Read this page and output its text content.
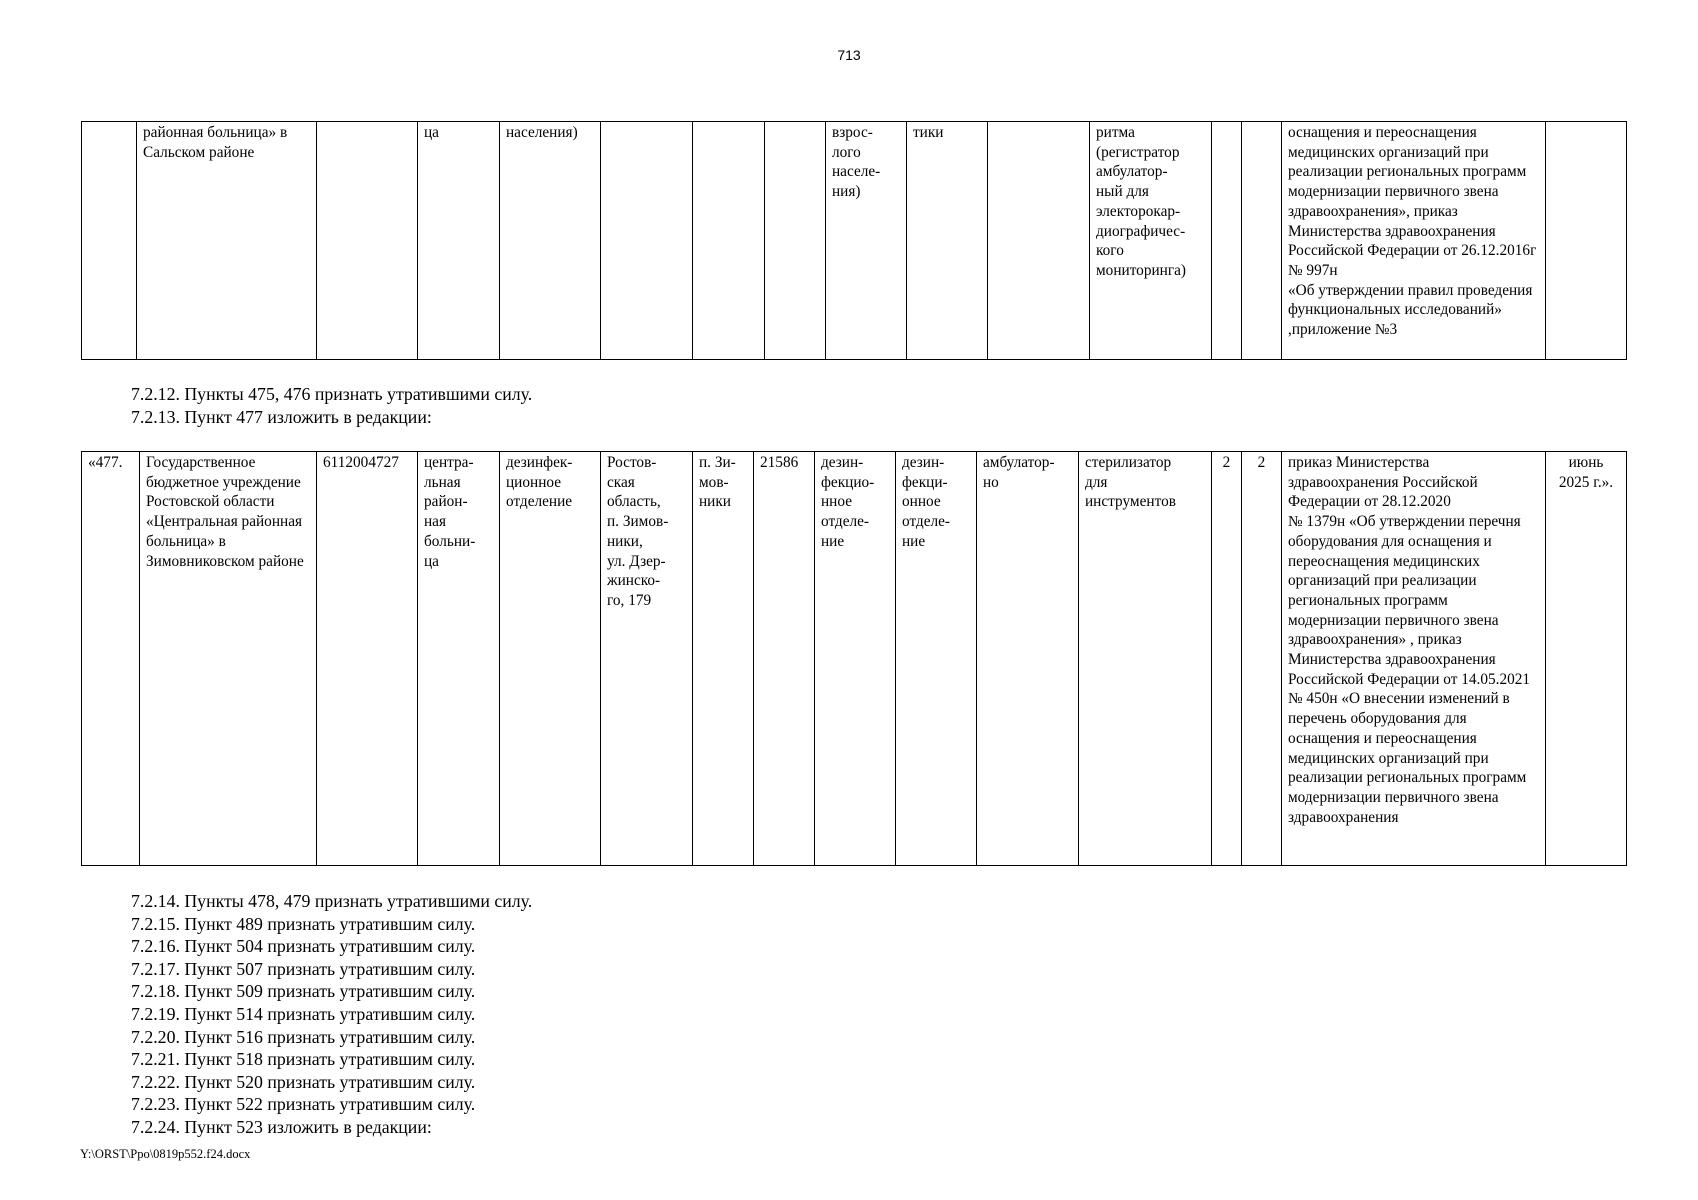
713
	районная больница» в Сальском районе		ца	населения)				взрос-
лого
населе-
ния)	тики		ритма
(регистратор
амбулатор-
ный для
электорокар-
диографичес-
кого
мониторинга)			оснащения и переоснащения медицинских организаций при реализации региональных программ модернизации первичного звена здравоохранения», приказ Министерства здравоохранения Российской Федерации от 26.12.2016г № 997н
«Об утверждении правил проведения функциональных исследований» ,приложение №3	
7.2.12. Пункты 475, 476 признать утратившими силу.
7.2.13. Пункт 477 изложить в редакции:
«477.	Государственное бюджетное учреждение Ростовской области «Центральная районная больница» в Зимовниковском районе	6112004727	центра-
льная
район-
ная
больни-
ца	дезинфек-
ционное
отделение	Ростов-
ская
область,
п. Зимов-
ники,
ул. Дзер-
жинско-
го, 179	п. Зи-
мов-
ники	21586	дезин-
фекцио-
нное
отделе-
ние	дезин-
фекци-
онное
отделе-
ние	амбулатор-
но	стерилизатор
для
инструментов	2	2	приказ Министерства здравоохранения Российской Федерации от 28.12.2020
№ 1379н «Об утверждении перечня оборудования для оснащения и переоснащения медицинских организаций при реализации региональных программ модернизации первичного звена здравоохранения» , приказ Министерства здравоохранения Российской Федерации от 14.05.2021 № 450н «О внесении изменений в перечень оборудования для оснащения и переоснащения медицинских организаций при реализации региональных программ модернизации первичного звена здравоохранения	июнь
2025 г.».
7.2.14. Пункты 478, 479 признать утратившими силу.
7.2.15. Пункт 489 признать утратившим силу.
7.2.16. Пункт 504 признать утратившим силу.
7.2.17. Пункт 507 признать утратившим силу.
7.2.18. Пункт 509 признать утратившим силу.
7.2.19. Пункт 514 признать утратившим силу.
7.2.20. Пункт 516 признать утратившим силу.
7.2.21. Пункт 518 признать утратившим силу.
7.2.22. Пункт 520 признать утратившим силу.
7.2.23. Пункт 522 признать утратившим силу.
7.2.24. Пункт 523 изложить в редакции:
Y:\ORST\Ppo\0819p552.f24.docx
